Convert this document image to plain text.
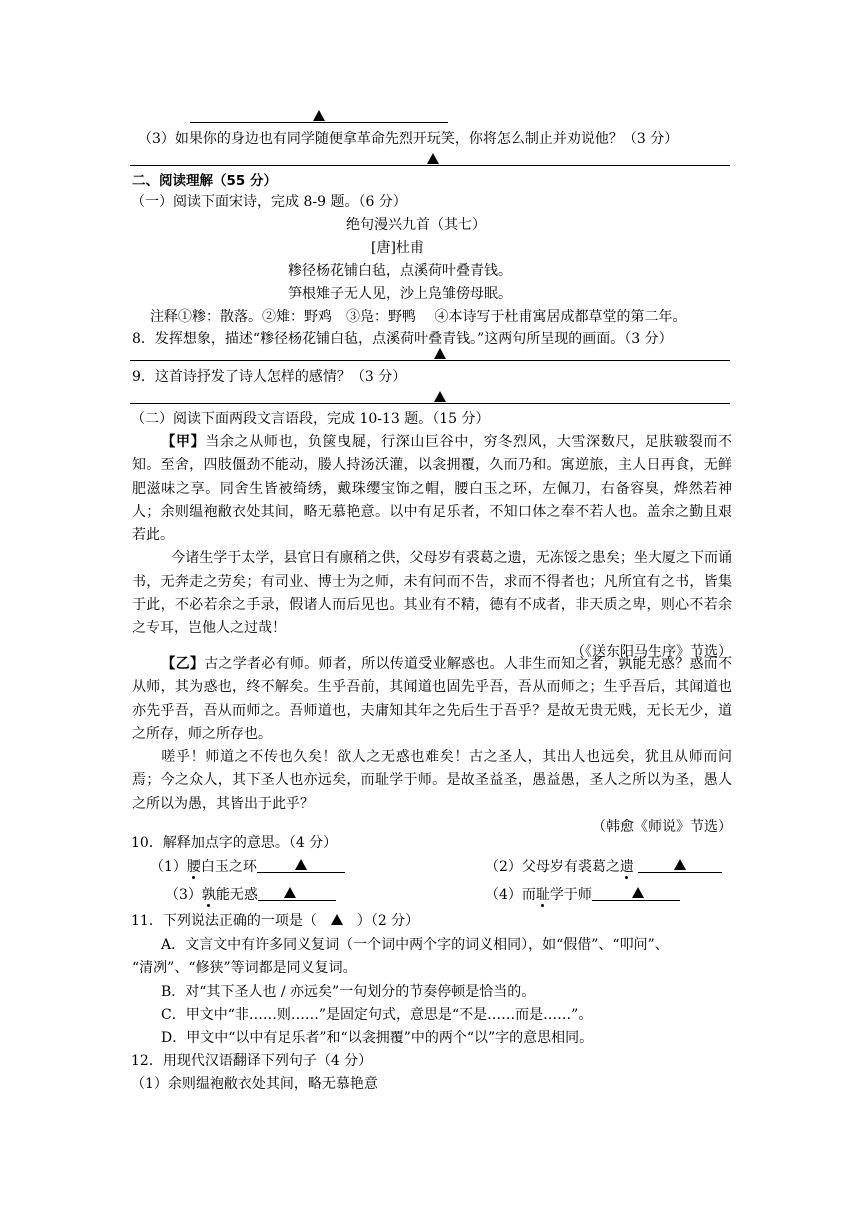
（3）如果你的身边也有同学随便拿革命先烈开玩笑，你将怎么制止并劝说他？（3 分）
二、阅读理解（55 分）
（一）阅读下面宋诗，完成 8-9 题。（6 分）
绝句漫兴九首（其七）
[唐]杜甫
糁径杨花铺白毡，点溪荷叶叠青钱。
笋根雉子无人见，沙上凫雏傍母眠。
注释①糁：散落。②雉：野鸡　③凫：野鸭　 ④本诗写于杜甫寓居成都草堂的第二年。
8．发挥想象，描述“糁径杨花铺白毡，点溪荷叶叠青钱。”这两句所呈现的画面。（3 分）
9．这首诗抒发了诗人怎样的感情？（3 分）
（二）阅读下面两段文言语段，完成 10-13 题。（15 分）

【甲】当余之从师也，负箧曳屣，行深山巨谷中，穷冬烈风，大雪深数尺，足肤皲裂而不知。至舍，四肢僵劲不能动，媵人持汤沃灌，以衾拥覆，久而乃和。寓逆旅，主人日再食，无鲜肥滋味之享。同舍生皆被绮绣，戴珠缨宝饰之帽，腰白玉之环，左佩刀，右备容臭，烨然若神人；余则缊袍敝衣处其间，略无慕艳意。以中有足乐者，不知口体之奉不若人也。盖余之勤且艰若此。

今诸生学于太学，县官日有廪稍之供，父母岁有裘葛之遗，无冻馁之患矣；坐大厦之下而诵书，无奔走之劳矣；有司业、博士为之师，未有问而不告，求而不得者也；凡所宜有之书，皆集于此，不必若余之手录，假诸人而后见也。其业有不精，德有不成者，非天质之卑，则心不若余之专耳，岂他人之过哉！
（《送东阳马生序》节选）

【乙】古之学者必有师。师者，所以传道受业解惑也。人非生而知之者，孰能无惑？惑而不从师，其为惑也，终不解矣。生乎吾前，其闻道也固先乎吾，吾从而师之；生乎吾后，其闻道也亦先乎吾，吾从而师之。吾师道也，夫庸知其年之先后生于吾乎？是故无贵无贱，无长无少，道之所存，师之所存也。

嗟乎！师道之不传也久矣！欲人之无惑也难矣！古之圣人，其出人也远矣，犹且从师而问焉；今之众人，其下圣人也亦远矣，而耻学于师。是故圣益圣，愚益愚，圣人之所以为圣，愚人之所以为愚，其皆出于此乎？
（韩愈《师说》节选）

10．解释加点字的意思。（4 分）
（1）腰白玉之环	（2）父母岁有裘葛之遗
（3）孰能无惑	（4）而耻学于师
11．下列说法正确的一项是（	）（2 分）
A．文言文中有许多同义复词（一个词中两个字的词义相同），如“假借”、“叩问”、
“清冽”、“修狭”等词都是同义复词。
B．对“其下圣人也 / 亦远矣”一句划分的节奏停顿是恰当的。
C．甲文中“非……则……”是固定句式，意思是“不是……而是……”。
D．甲文中“以中有足乐者”和“以衾拥覆”中的两个“以”字的意思相同。
12．用现代汉语翻译下列句子（4 分）
（1）余则缊袍敝衣处其间，略无慕艳意
